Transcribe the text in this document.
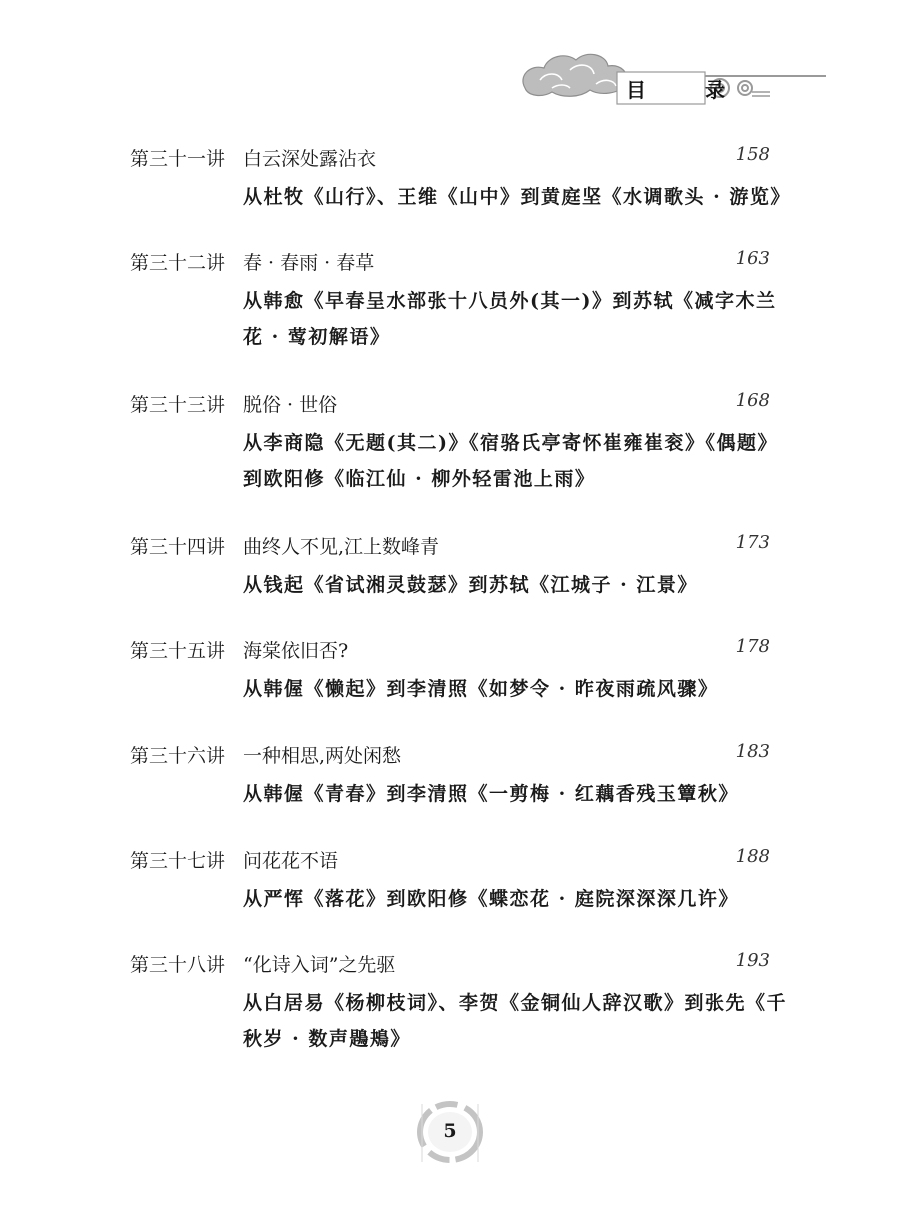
目 录
第三十一讲 白云深处露沾衣	158
从杜牧《山行》、王维《山中》到黄庭坚《水调歌头 · 游览》
第三十二讲 春 · 春雨 · 春草	163
从韩愈《早春呈水部张十八员外(其一)》到苏轼《减字木兰
花 · 莺初解语》
第三十三讲 脱俗 · 世俗	168
从李商隐《无题(其二)》《宿骆氏亭寄怀崔雍崔衮》《偶题》
到欧阳修《临江仙 · 柳外轻雷池上雨》
第三十四讲 曲终人不见,江上数峰青	173
从钱起《省试湘灵鼓瑟》到苏轼《江城子 · 江景》
第三十五讲 海棠依旧否?	178
从韩偓《懒起》到李清照《如梦令 · 昨夜雨疏风骤》
第三十六讲 一种相思,两处闲愁	183
从韩偓《青春》到李清照《一剪梅 · 红藕香残玉簟秋》
第三十七讲 问花花不语	188
从严恽《落花》到欧阳修《蝶恋花 · 庭院深深深几许》
第三十八讲 “化诗入词”之先驱	193
从白居易《杨柳枝词》、李贺《金铜仙人辞汉歌》到张先《千
秋岁 · 数声鶗鴂》
5
